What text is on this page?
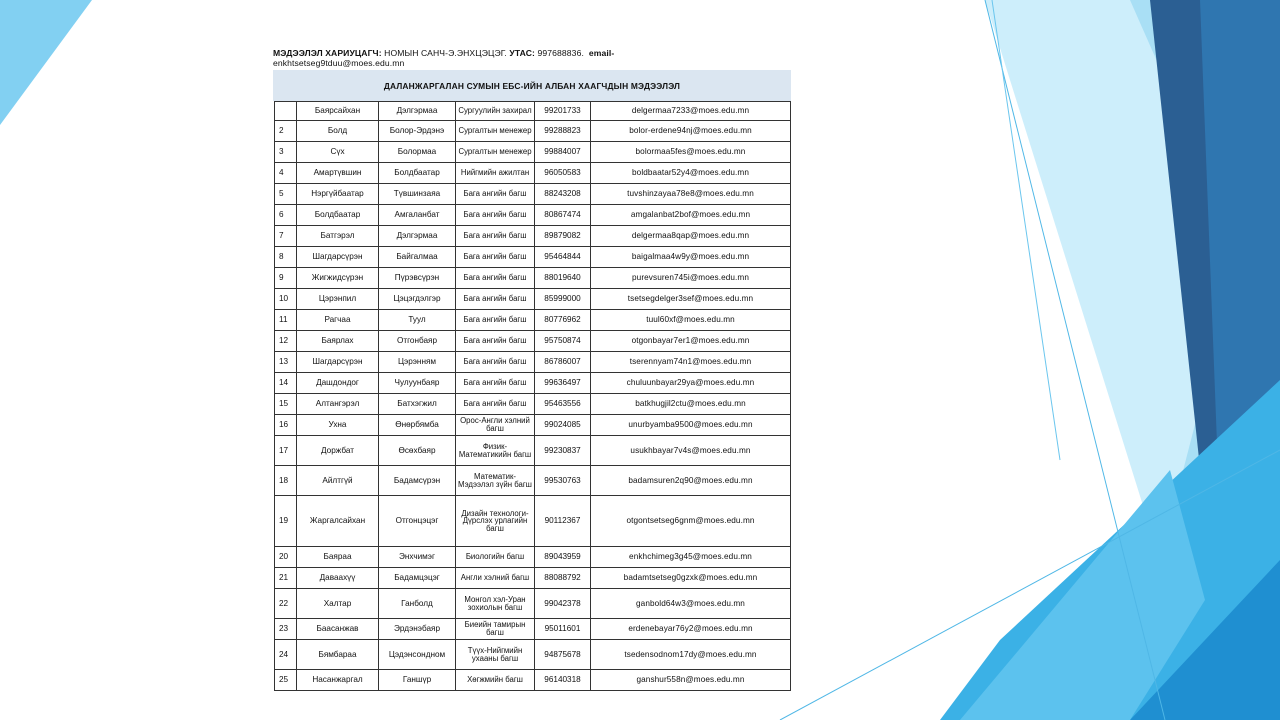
МЭДЭЭЛЭЛ ХАРИУЦАГЧ: НОМЫН САНЧ-Э.ЭНХЦЭЦЭГ. УТАС: 997688836. email-
enkhtsetseg9tduu@moes.edu.mn
ДАЛАНЖАРГАЛАН СУМЫН ЕБС-ИЙН АЛБАН ХААГЧДЫН МЭДЭЭЛЭЛ
	Баярсайхан	Дэлгэрмаа	Сургуулийн захирал	99201733	delgermaa7233@moes.edu.mn
2	Болд	Болор-Эрдэнэ	Сургалтын менежер	99288823	bolor-erdene94nj@moes.edu.mn
3	Сүх	Болормаа	Сургалтын менежер	99884007	bolormaa5fes@moes.edu.mn
4	Амартүвшин	Болдбаатар	Нийгмийн ажилтан	96050583	boldbaatar52y4@moes.edu.mn
5	Нэргүйбаатар	Түвшинзаяа	Бага ангийн багш	88243208	tuvshinzayaa78e8@moes.edu.mn
6	Болдбаатар	Амгаланбат	Бага ангийн багш	80867474	amgalanbat2bof@moes.edu.mn
7	Батгэрэл	Дэлгэрмаа	Бага ангийн багш	89879082	delgermaa8qap@moes.edu.mn
8	Шагдарсүрэн	Байгалмаа	Бага ангийн багш	95464844	baigalmaa4w9y@moes.edu.mn
9	Жигжидсүрэн	Пүрэвсүрэн	Бага ангийн багш	88019640	purevsuren745i@moes.edu.mn
10	Цэрэнпил	Цэцэгдэлгэр	Бага ангийн багш	85999000	tsetsegdelger3sef@moes.edu.mn
11	Рагчаа	Туул	Бага ангийн багш	80776962	tuul60xf@moes.edu.mn
12	Баярлах	Отгонбаяр	Бага ангийн багш	95750874	otgonbayar7er1@moes.edu.mn
13	Шагдарсүрэн	Цэрэнням	Бага ангийн багш	86786007	tserennyam74n1@moes.edu.mn
14	Дашдондог	Чулуунбаяр	Бага ангийн багш	99636497	chuluunbayar29ya@moes.edu.mn
15	Алтангэрэл	Батхэгжил	Бага ангийн багш	95463556	batkhugjil2ctu@moes.edu.mn
16	Ухна	Өнөрбямба	Орос-Англи хэлний багш	99024085	unurbyamba9500@moes.edu.mn
17	Доржбат	Өсөхбаяр	Физик-Математикийн багш	99230837	usukhbayar7v4s@moes.edu.mn
18	Айлтгүй	Бадамсүрэн	Математик-Мэдээлэл зүйн багш	99530763	badamsuren2q90@moes.edu.mn
19	Жаргалсайхан	Отгонцэцэг	Дизайн технологи-Дүрслэх урлагийн багш	90112367	otgontsetseg6gnm@moes.edu.mn
20	Баяраа	Энхчимэг	Биологийн багш	89043959	enkhchimeg3g45@moes.edu.mn
21	Даваахүү	Бадамцэцэг	Англи хэлний багш	88088792	badamtsetseg0gzxk@moes.edu.mn
22	Халтар	Ганболд	Монгол хэл-Уран зохиолын багш	99042378	ganbold64w3@moes.edu.mn
23	Баасанжав	Эрдэнэбаяр	Биеийн тамирын багш	95011601	erdenebayar76y2@moes.edu.mn
24	Бямбараа	Цэдэнсондном	Түүх-Нийгмийн ухааны багш	94875678	tsedensodnom17dy@moes.edu.mn
25	Насанжаргал	Ганшүр	Хөгжмийн багш	96140318	ganshur558n@moes.edu.mn
